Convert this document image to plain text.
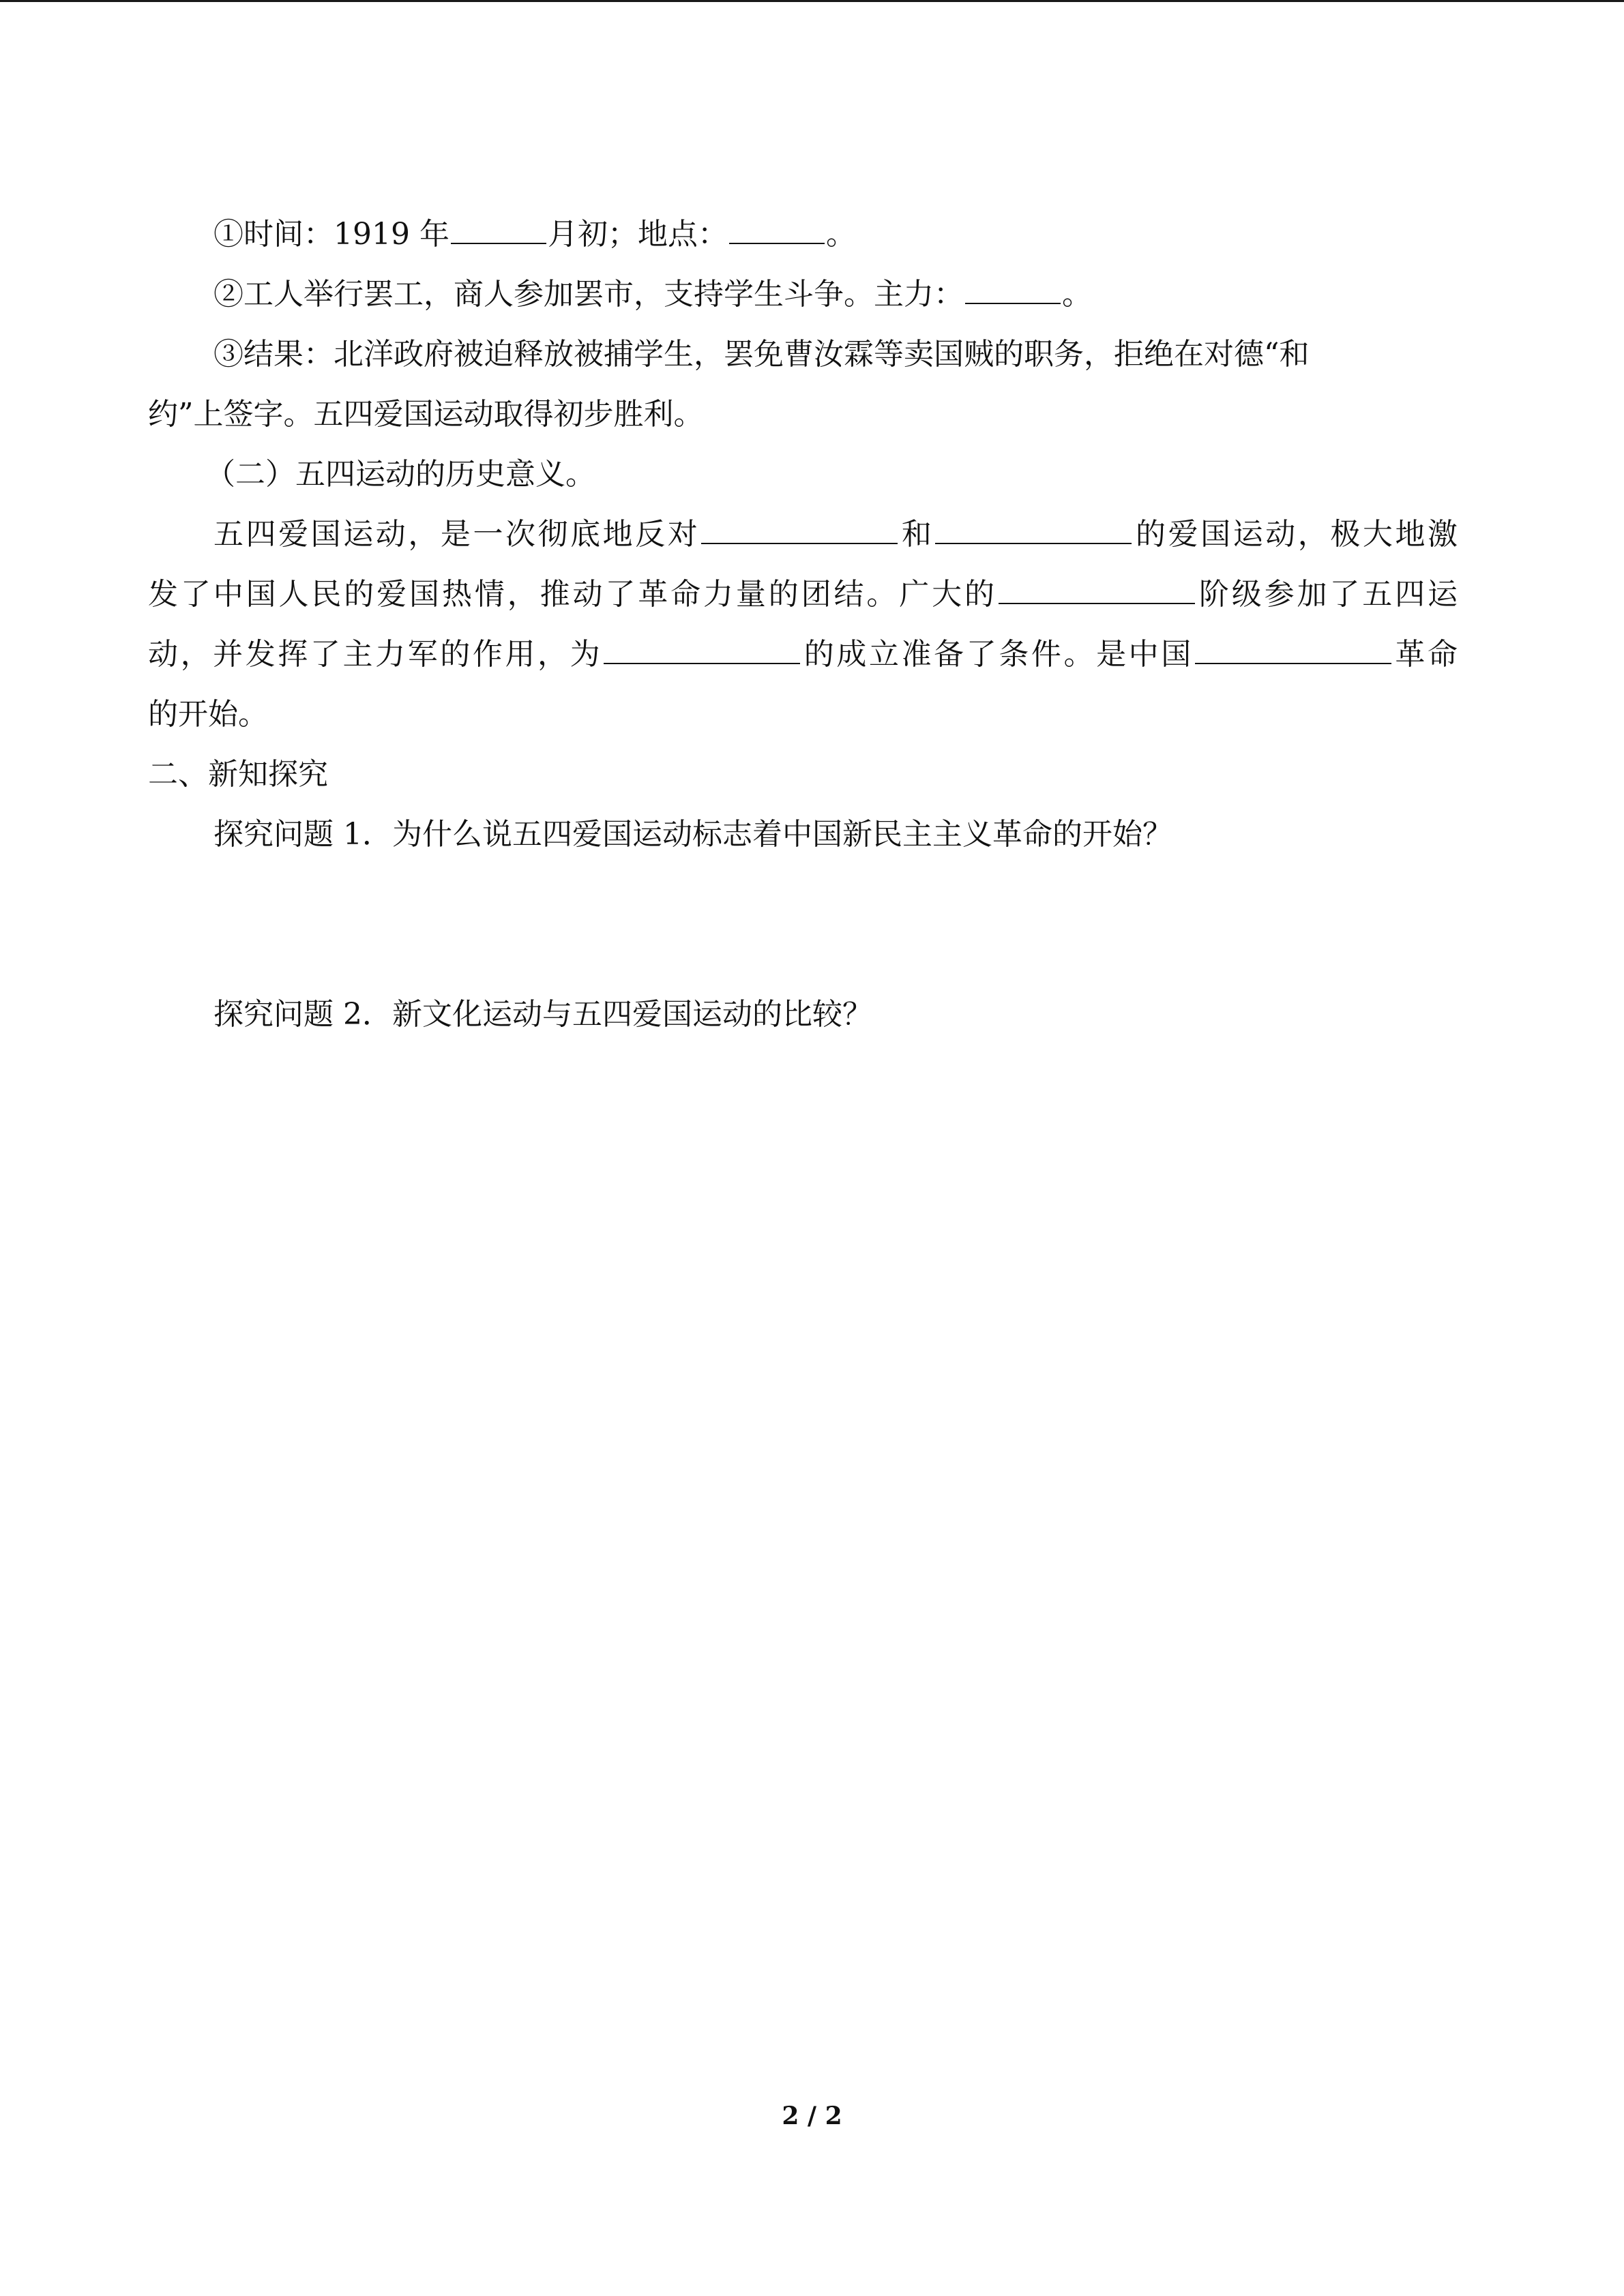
①时间：1919 年	月初；地点：	。
②工人举行罢工，商人参加罢市，支持学生斗争。主力：	。
③结果：北洋政府被迫释放被捕学生，罢免曹汝霖等卖国贼的职务，拒绝在对德“和
约”上签字。五四爱国运动取得初步胜利。
（二）五四运动的历史意义。
五四爱国运动，是一次彻底地反对	和	的爱国运动，极大地激
发了中国人民的爱国热情，推动了革命力量的团结。广大的	阶级参加了五四运
动，并发挥了主力军的作用，为	的成立准备了条件。是中国	革命
的开始。
二、新知探究
探究问题 1．为什么说五四爱国运动标志着中国新民主主义革命的开始？
探究问题 2．新文化运动与五四爱国运动的比较？
2 / 2
